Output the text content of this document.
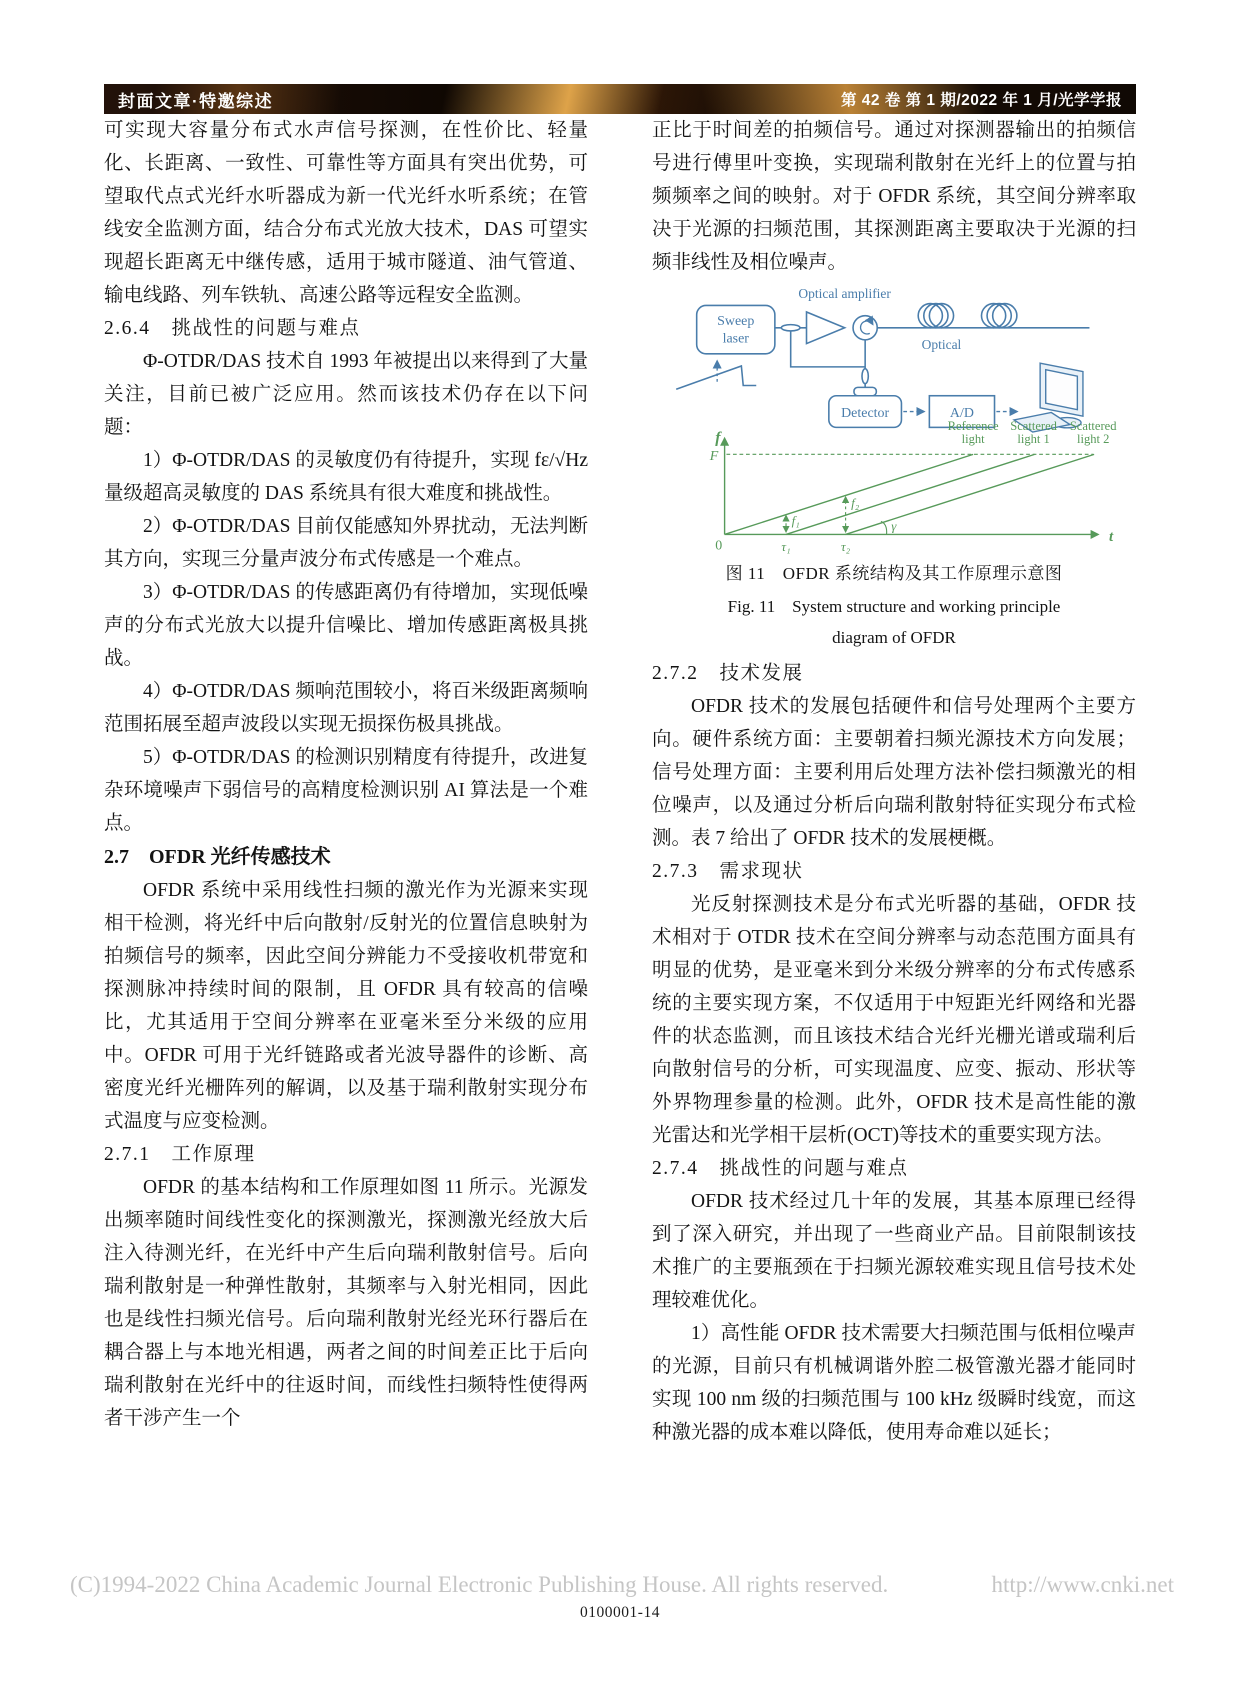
封面文章·特邀综述	第 42 卷 第 1 期/2022 年 1 月/光学学报

可实现大容量分布式水声信号探测，在性价比、轻量化、长距离、一致性、可靠性等方面具有突出优势，可望取代点式光纤水听器成为新一代光纤水听系统；在管线安全监测方面，结合分布式光放大技术，DAS 可望实现超长距离无中继传感，适用于城市隧道、油气管道、输电线路、列车铁轨、高速公路等远程安全监测。

2.6.4　挑战性的问题与难点

Φ-OTDR/DAS 技术自 1993 年被提出以来得到了大量关注，目前已被广泛应用。然而该技术仍存在以下问题：

1）Φ-OTDR/DAS 的灵敏度仍有待提升，实现 fε/√Hz 量级超高灵敏度的 DAS 系统具有很大难度和挑战性。

2）Φ-OTDR/DAS 目前仅能感知外界扰动，无法判断其方向，实现三分量声波分布式传感是一个难点。

3）Φ-OTDR/DAS 的传感距离仍有待增加，实现低噪声的分布式光放大以提升信噪比、增加传感距离极具挑战。

4）Φ-OTDR/DAS 频响范围较小，将百米级距离频响范围拓展至超声波段以实现无损探伤极具挑战。

5）Φ-OTDR/DAS 的检测识别精度有待提升，改进复杂环境噪声下弱信号的高精度检测识别 AI 算法是一个难点。

2.7　OFDR 光纤传感技术

OFDR 系统中采用线性扫频的激光作为光源来实现相干检测，将光纤中后向散射/反射光的位置信息映射为拍频信号的频率，因此空间分辨能力不受接收机带宽和探测脉冲持续时间的限制，且 OFDR 具有较高的信噪比，尤其适用于空间分辨率在亚毫米至分米级的应用中。OFDR 可用于光纤链路或者光波导器件的诊断、高密度光纤光栅阵列的解调，以及基于瑞利散射实现分布式温度与应变检测。

2.7.1　工作原理

OFDR 的基本结构和工作原理如图 11 所示。光源发出频率随时间线性变化的探测激光，探测激光经放大后注入待测光纤，在光纤中产生后向瑞利散射信号。后向瑞利散射是一种弹性散射，其频率与入射光相同，因此也是线性扫频光信号。后向瑞利散射光经光环行器后在耦合器上与本地光相遇，两者之间的时间差正比于后向瑞利散射在光纤中的往返时间，而线性扫频特性使得两者干涉产生一个

正比于时间差的拍频信号。通过对探测器输出的拍频信号进行傅里叶变换，实现瑞利散射在光纤上的位置与拍频频率之间的映射。对于 OFDR 系统，其空间分辨率取决于光源的扫频范围，其探测距离主要取决于光源的扫频非线性及相位噪声。

Sweep
laser
Optical amplifier
Optical
Detector	A/D
f
F
0
t
τ₁	τ₂
f₁
f₂
γ
Reference
light
Scattered
light 1
Scattered
light 2
图 11　OFDR 系统结构及其工作原理示意图
Fig. 11　System structure and working principle
diagram of OFDR
2.7.2　技术发展

OFDR 技术的发展包括硬件和信号处理两个主要方向。硬件系统方面：主要朝着扫频光源技术方向发展；信号处理方面：主要利用后处理方法补偿扫频激光的相位噪声，以及通过分析后向瑞利散射特征实现分布式检测。表 7 给出了 OFDR 技术的发展梗概。

2.7.3　需求现状

光反射探测技术是分布式光听器的基础，OFDR 技术相对于 OTDR 技术在空间分辨率与动态范围方面具有明显的优势，是亚毫米到分米级分辨率的分布式传感系统的主要实现方案，不仅适用于中短距光纤网络和光器件的状态监测，而且该技术结合光纤光栅光谱或瑞利后向散射信号的分析，可实现温度、应变、振动、形状等外界物理参量的检测。此外，OFDR 技术是高性能的激光雷达和光学相干层析(OCT)等技术的重要实现方法。

2.7.4　挑战性的问题与难点

OFDR 技术经过几十年的发展，其基本原理已经得到了深入研究，并出现了一些商业产品。目前限制该技术推广的主要瓶颈在于扫频光源较难实现且信号技术处理较难优化。

1）高性能 OFDR 技术需要大扫频范围与低相位噪声的光源，目前只有机械调谐外腔二极管激光器才能同时实现 100 nm 级的扫频范围与 100 kHz 级瞬时线宽，而这种激光器的成本难以降低，使用寿命难以延长；

(C)1994-2022 China Academic Journal Electronic Publishing House. All rights reserved.	http://www.cnki.net
0100001-14
